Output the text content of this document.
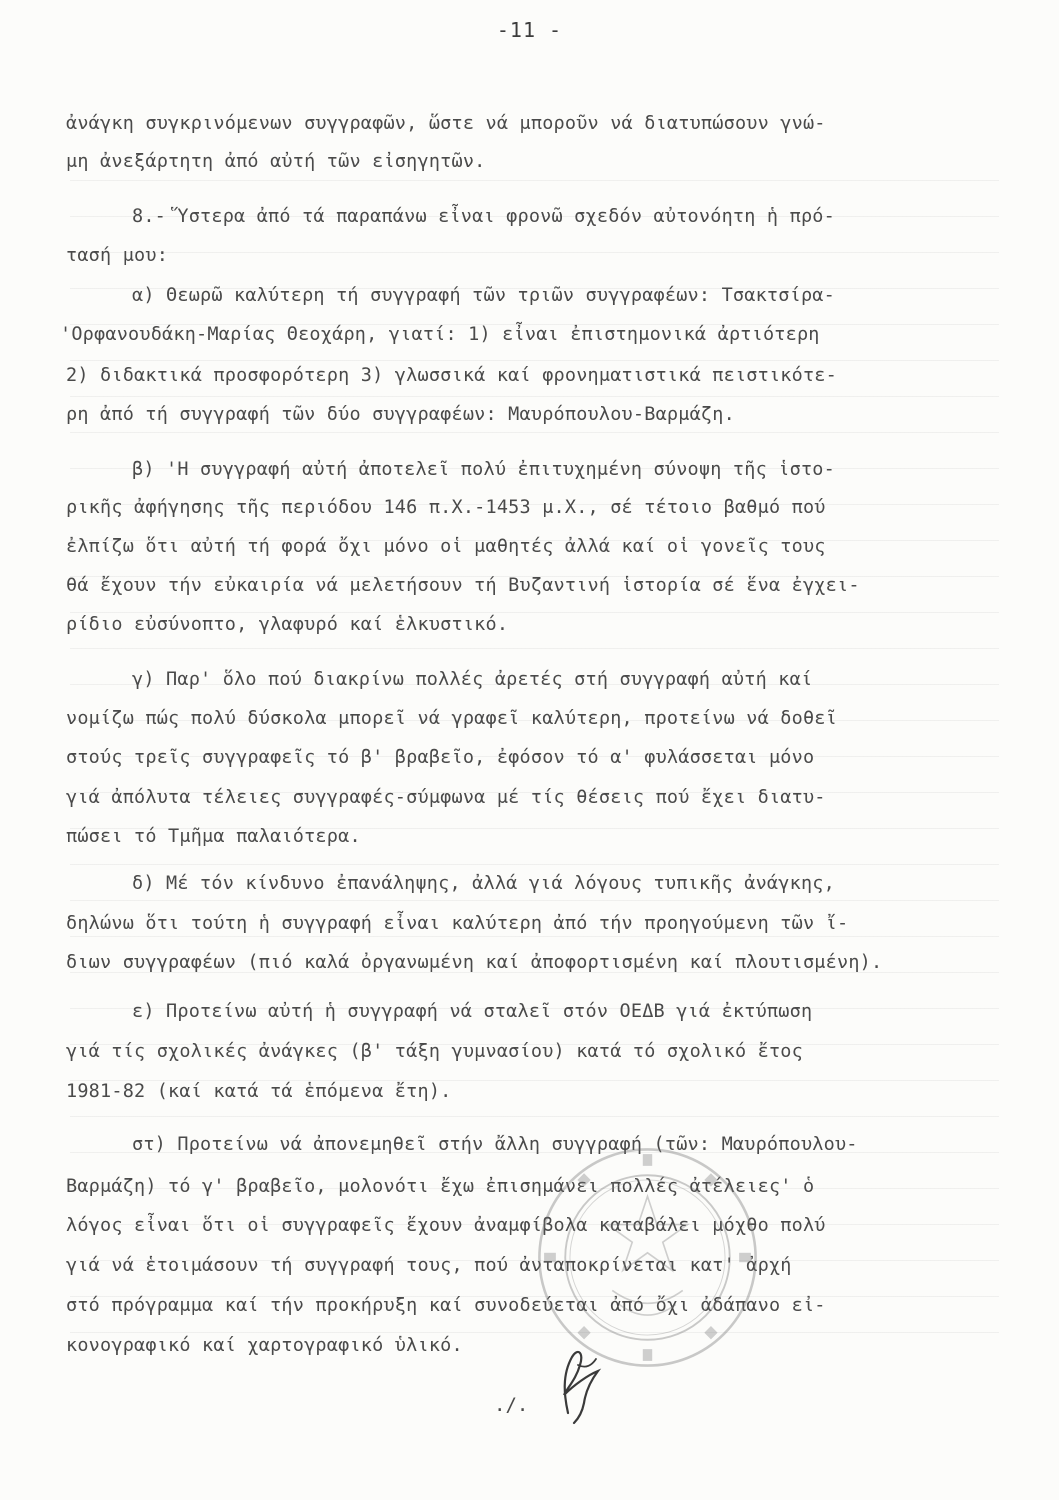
-11 -
ἀνάγκη συγκρινόμενων συγγραφῶν, ὥστε νά μποροῦν νά διατυπώσουν γνώ-
μη ἀνεξάρτητη ἀπό αὐτή τῶν εἰσηγητῶν.
8.- Ὕστερα ἀπό τά παραπάνω εἶναι φρονῶ σχεδόν αὐτονόητη ἡ πρό-
τασή μου:
α) Θεωρῶ καλύτερη τή συγγραφή τῶν τριῶν συγγραφέων: Τσακτσίρα-
'Ορφανουδάκη-Μαρίας Θεοχάρη, γιατί: 1) εἶναι ἐπιστημονικά ἀρτιότερη
2) διδακτικά προσφορότερη 3) γλωσσικά καί φρονηματιστικά πειστικότε-
ρη ἀπό τή συγγραφή τῶν δύο συγγραφέων: Μαυρόπουλου-Βαρμάζη.
β) 'Η συγγραφή αὐτή ἀποτελεῖ πολύ ἐπιτυχημένη σύνοψη τῆς ἱστο-
ρικῆς ἀφήγησης τῆς περιόδου 146 π.Χ.-1453 μ.Χ., σέ τέτοιο βαθμό πού
ἐλπίζω ὅτι αὐτή τή φορά ὄχι μόνο οἱ μαθητές ἀλλά καί οἱ γονεῖς τους
θά ἔχουν τήν εὐκαιρία νά μελετήσουν τή Βυζαντινή ἱστορία σέ ἕνα ἐγχει-
ρίδιο εὐσύνοπτο, γλαφυρό καί ἑλκυστικό.
γ) Παρ' ὅλο πού διακρίνω πολλές ἀρετές στή συγγραφή αὐτή καί
νομίζω πώς πολύ δύσκολα μπορεῖ νά γραφεῖ καλύτερη, προτείνω νά δοθεῖ
στούς τρεῖς συγγραφεῖς τό β' βραβεῖο, ἐφόσον τό α' φυλάσσεται μόνο
γιά ἀπόλυτα τέλειες συγγραφές-σύμφωνα μέ τίς θέσεις πού ἔχει διατυ-
πώσει τό Τμῆμα παλαιότερα.
δ) Μέ τόν κίνδυνο ἐπανάληψης, ἀλλά γιά λόγους τυπικῆς ἀνάγκης,
δηλώνω ὅτι τούτη ἡ συγγραφή εἶναι καλύτερη ἀπό τήν προηγούμενη τῶν ἴ-
διων συγγραφέων (πιό καλά ὀργανωμένη καί ἀποφορτισμένη καί πλουτισμένη).
ε) Προτείνω αὐτή ἡ συγγραφή νά σταλεῖ στόν ΟΕΔΒ γιά ἐκτύπωση
γιά τίς σχολικές ἀνάγκες (β' τάξη γυμνασίου) κατά τό σχολικό ἔτος
1981-82 (καί κατά τά ἑπόμενα ἔτη).
στ) Προτείνω νά ἀπονεμηθεῖ στήν ἄλλη συγγραφή (τῶν: Μαυρόπουλου-
Βαρμάζη) τό γ' βραβεῖο, μολονότι ἔχω ἐπισημάνει πολλές ἀτέλειες' ὁ
λόγος εἶναι ὅτι οἱ συγγραφεῖς ἔχουν ἀναμφίβολα καταβάλει μόχθο πολύ
γιά νά ἑτοιμάσουν τή συγγραφή τους, πού ἀνταποκρίνεται κατ' ἀρχή
στό πρόγραμμα καί τήν προκήρυξη καί συνοδεύεται ἀπό ὄχι ἀδάπανο εἰ-
κονογραφικό καί χαρτογραφικό ὑλικό.
./.
